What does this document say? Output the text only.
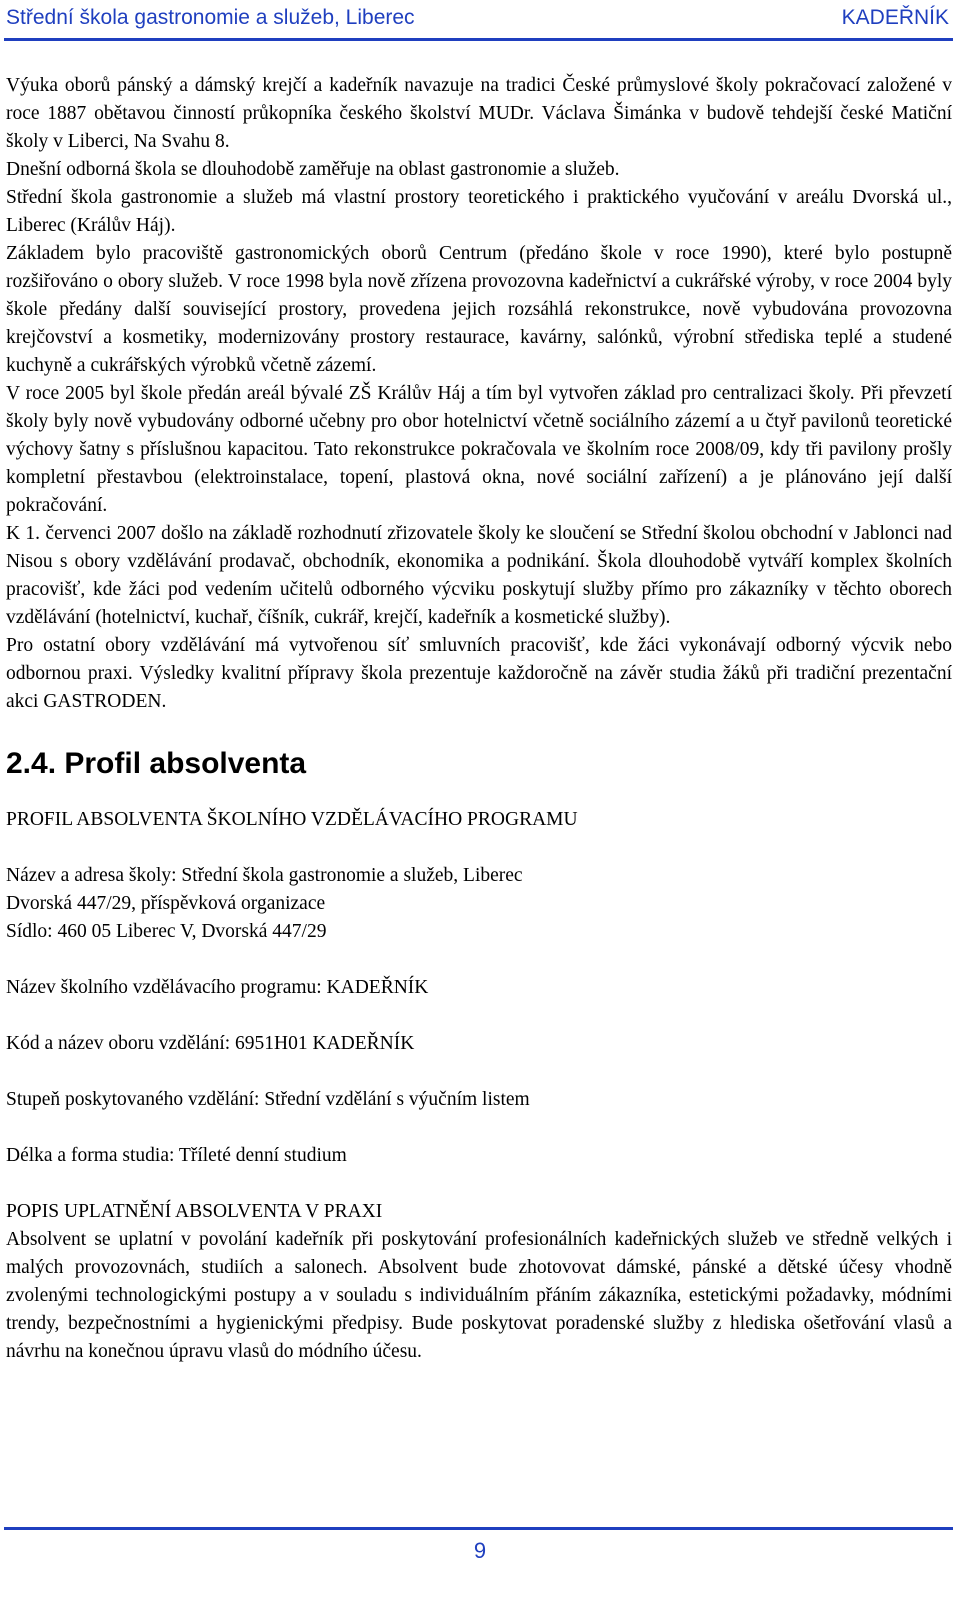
Střední škola gastronomie a služeb, Liberec	KADEŘNÍK

Výuka oborů pánský a dámský krejčí a kadeřník navazuje na tradici České průmyslové školy pokračovací založené v roce 1887 obětavou činností průkopníka českého školství MUDr. Václava Šimánka v budově tehdejší české Matiční školy v Liberci, Na Svahu 8.

Dnešní odborná škola se dlouhodobě zaměřuje na oblast gastronomie a služeb.

Střední škola gastronomie a služeb má vlastní prostory teoretického i praktického vyučování v areálu Dvorská ul., Liberec (Králův Háj).

Základem bylo pracoviště gastronomických oborů Centrum (předáno škole v roce 1990), které bylo postupně rozšiřováno o obory služeb. V roce 1998 byla nově zřízena provozovna kadeřnictví a cukrářské výroby, v roce 2004 byly škole předány další související prostory, provedena jejich rozsáhlá rekonstrukce, nově vybudována provozovna krejčovství a kosmetiky, modernizovány prostory restaurace, kavárny, salónků, výrobní střediska teplé a studené kuchyně a cukrářských výrobků včetně zázemí.

V roce 2005 byl škole předán areál bývalé ZŠ Králův Háj a tím byl vytvořen základ pro centralizaci školy. Při převzetí školy byly nově vybudovány odborné učebny pro obor hotelnictví včetně sociálního zázemí a u čtyř pavilonů teoretické výchovy šatny s příslušnou kapacitou. Tato rekonstrukce pokračovala ve školním roce 2008/09, kdy tři pavilony prošly kompletní přestavbou (elektroinstalace, topení, plastová okna, nové sociální zařízení) a je plánováno její další pokračování.

K 1. červenci 2007 došlo na základě rozhodnutí zřizovatele školy ke sloučení se Střední školou obchodní v Jablonci nad Nisou s obory vzdělávání prodavač, obchodník, ekonomika a podnikání. Škola dlouhodobě vytváří komplex školních pracovišť, kde žáci pod vedením učitelů odborného výcviku poskytují služby přímo pro zákazníky v těchto oborech vzdělávání (hotelnictví, kuchař, číšník, cukrář, krejčí, kadeřník a kosmetické služby).

Pro ostatní obory vzdělávání má vytvořenou síť smluvních pracovišť, kde žáci vykonávají odborný výcvik nebo odbornou praxi. Výsledky kvalitní přípravy škola prezentuje každoročně na závěr studia žáků při tradiční prezentační akci GASTRODEN.

2.4. Profil absolventa

PROFIL ABSOLVENTA ŠKOLNÍHO VZDĚLÁVACÍHO PROGRAMU

Název a adresa školy: Střední škola gastronomie a služeb, Liberec

Dvorská 447/29, příspěvková organizace

Sídlo: 460 05 Liberec V, Dvorská 447/29

Název školního vzdělávacího programu: KADEŘNÍK

Kód a název oboru vzdělání: 6951H01 KADEŘNÍK

Stupeň poskytovaného vzdělání: Střední vzdělání s výučním listem

Délka a forma studia: Tříleté denní studium

POPIS UPLATNĚNÍ ABSOLVENTA V PRAXI

Absolvent se uplatní v povolání kadeřník při poskytování profesionálních kadeřnických služeb ve středně velkých i malých provozovnách, studiích a salonech. Absolvent bude zhotovovat dámské, pánské a dětské účesy vhodně zvolenými technologickými postupy a v souladu s individuálním přáním zákazníka, estetickými požadavky, módními trendy, bezpečnostními a hygienickými předpisy. Bude poskytovat poradenské služby z hlediska ošetřování vlasů a návrhu na konečnou úpravu vlasů do módního účesu.

9
